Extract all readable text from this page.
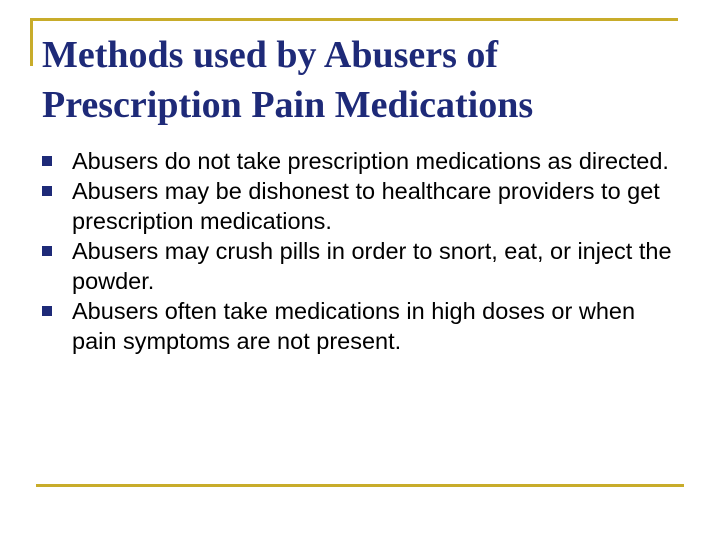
Methods used by Abusers of Prescription Pain Medications
Abusers do not take prescription medications as directed.
Abusers may be dishonest to healthcare providers to get prescription medications.
Abusers may crush pills in order to snort, eat, or inject the powder.
Abusers often take medications in high doses or when pain symptoms are not present.
